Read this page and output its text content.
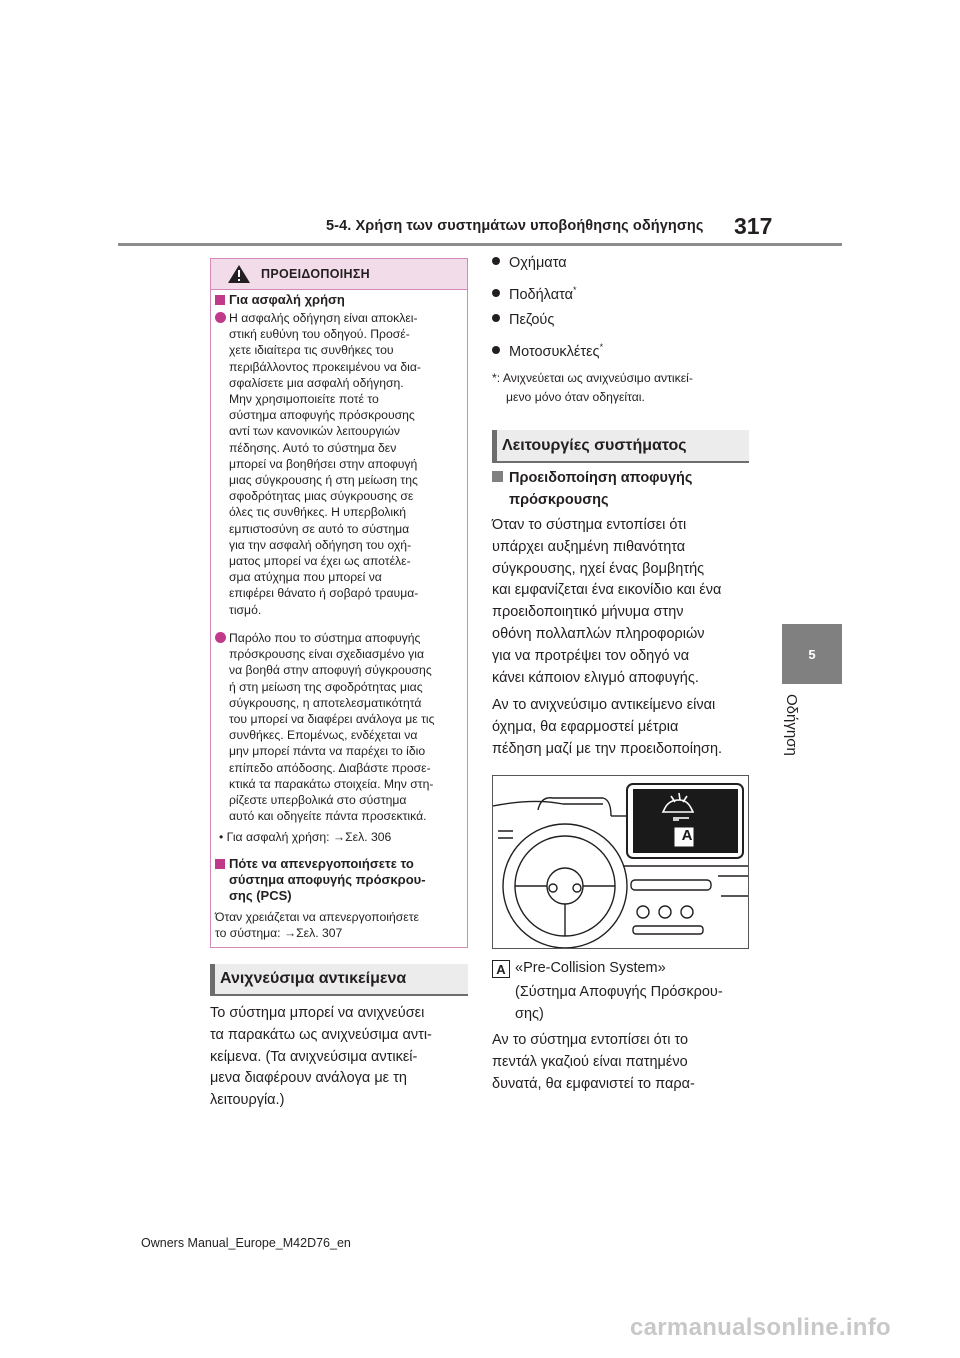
5-4. Χρήση των συστημάτων υποβοήθησης οδήγησης 317
5
Οδήγηση
ΠΡΟΕΙΔΟΠΟΙΗΣΗ
Για ασφαλή χρήση
Η ασφαλής οδήγηση είναι αποκλει-
στική ευθύνη του οδηγού. Προσέ-
χετε ιδιαίτερα τις συνθήκες του
περιβάλλοντος προκειμένου να δια-
σφαλίσετε μια ασφαλή οδήγηση.
Μην χρησιμοποιείτε ποτέ το
σύστημα αποφυγής πρόσκρουσης
αντί των κανονικών λειτουργιών
πέδησης. Αυτό το σύστημα δεν
μπορεί να βοηθήσει στην αποφυγή
μιας σύγκρουσης ή στη μείωση της
σφοδρότητας μιας σύγκρουσης σε
όλες τις συνθήκες. Η υπερβολική
εμπιστοσύνη σε αυτό το σύστημα
για την ασφαλή οδήγηση του οχή-
ματος μπορεί να έχει ως αποτέλε-
σμα ατύχημα που μπορεί να
επιφέρει θάνατο ή σοβαρό τραυμα-
τισμό.
Παρόλο που το σύστημα αποφυγής
πρόσκρουσης είναι σχεδιασμένο για
να βοηθά στην αποφυγή σύγκρουσης
ή στη μείωση της σφοδρότητας μιας
σύγκρουσης, η αποτελεσματικότητά
του μπορεί να διαφέρει ανάλογα με τις
συνθήκες. Επομένως, ενδέχεται να
μην μπορεί πάντα να παρέχει το ίδιο
επίπεδο απόδοσης. Διαβάστε προσε-
κτικά τα παρακάτω στοιχεία. Μην στη-
ρίζεστε υπερβολικά στο σύστημα
αυτό και οδηγείτε πάντα προσεκτικά.
• Για ασφαλή χρήση: →Σελ. 306
Πότε να απενεργοποιήσετε το
σύστημα αποφυγής πρόσκρου-
σης (PCS)
Όταν χρειάζεται να απενεργοποιήσετε
το σύστημα: →Σελ. 307
Ανιχνεύσιμα αντικείμενα
Το σύστημα μπορεί να ανιχνεύσει
τα παρακάτω ως ανιχνεύσιμα αντι-
κείμενα. (Τα ανιχνεύσιμα αντικεί-
μενα διαφέρουν ανάλογα με τη
λειτουργία.)
Οχήματα
Ποδήλατα*
Πεζούς
Μοτοσυκλέτες*
*: Ανιχνεύεται ως ανιχνεύσιμο αντικεί-
μενο μόνο όταν οδηγείται.
Λειτουργίες συστήματος
Προειδοποίηση αποφυγής
πρόσκρουσης
Όταν το σύστημα εντοπίσει ότι
υπάρχει αυξημένη πιθανότητα
σύγκρουσης, ηχεί ένας βομβητής
και εμφανίζεται ένα εικονίδιο και ένα
προειδοποιητικό μήνυμα στην
οθόνη πολλαπλών πληροφοριών
για να προτρέψει τον οδηγό να
κάνει κάποιον ελιγμό αποφυγής.
Αν το ανιχνεύσιμο αντικείμενο είναι
όχημα, θα εφαρμοστεί μέτρια
πέδηση μαζί με την προειδοποίηση.
A
A «Pre-Collision System»
(Σύστημα Αποφυγής Πρόσκρου-
σης)
Αν το σύστημα εντοπίσει ότι το
πεντάλ γκαζιού είναι πατημένο
δυνατά, θα εμφανιστεί το παρα-
Owners Manual_Europe_M42D76_en
carmanualsonline.info
